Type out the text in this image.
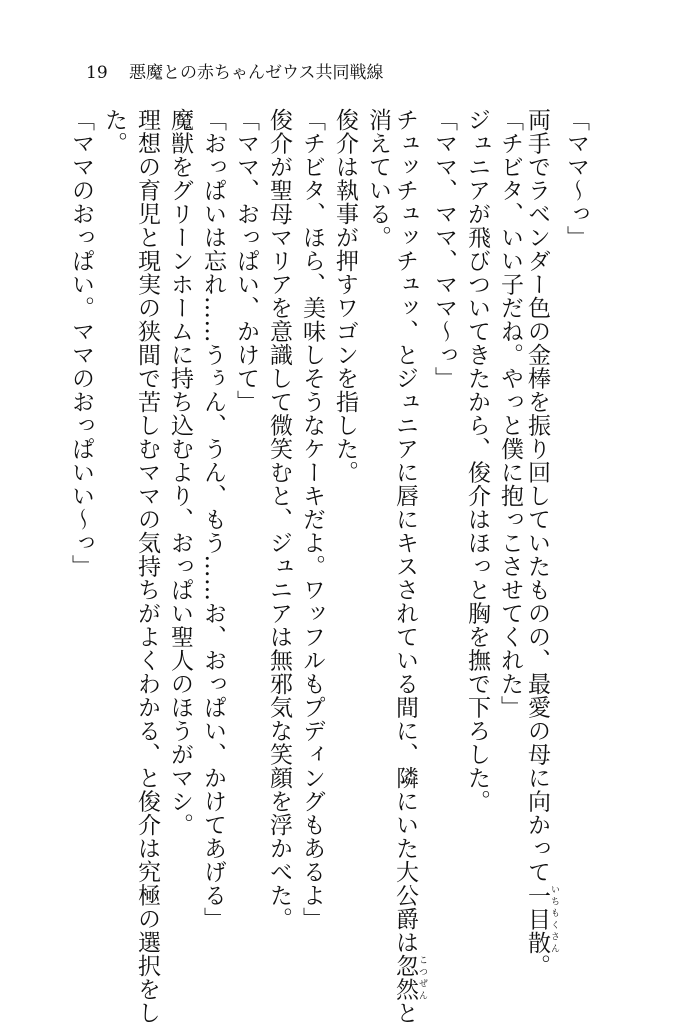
19 悪魔との赤ちゃんゼウス共同戦線
「ママ〜っ」
両手でラベンダー色の金棒を振り回していたものの、最愛の母に向かって一目散 いちもくさん。
「チビタ、いい子だね。やっと僕に抱っこさせてくれた」
ジュニアが飛びついてきたから、俊介はほっと胸を撫で下ろした。
「ママ、ママ、ママ〜っ」
チュッチュッチュッ、とジュニアに唇にキスされている間に、隣にいた大公爵は忽然 こつぜんと
消えている。
俊介は執事が押すワゴンを指した。
「チビタ、ほら、美味しそうなケーキだよ。ワッフルもプディングもあるよ」
俊介が聖母マリアを意識して微笑むと、ジュニアは無邪気な笑顔を浮かべた。
「ママ、おっぱい、かけて」
「おっぱいは忘れ……うぅん、うん、もう……お、おっぱい、かけてあげる」
魔獣をグリーンホームに持ち込むより、おっぱい聖人のほうがマシ。
理想の育児と現実の狭間で苦しむママの気持ちがよくわかる、と俊介は究極の選択をし
た。
「ママのおっぱい。ママのおっぱいい〜っ」
